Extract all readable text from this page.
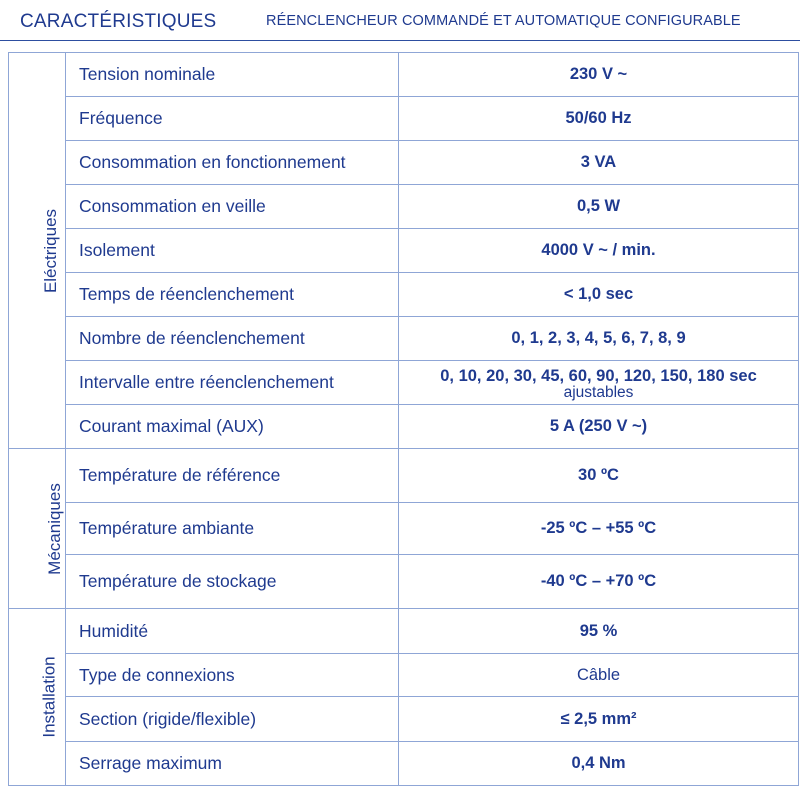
CARACTÉRISTIQUES	RÉENCLENCHEUR COMMANDÉ ET AUTOMATIQUE CONFIGURABLE
Eléctriques	Tension nominale	230 V ~
	Fréquence	50/60 Hz
	Consommation en fonctionnement	3 VA
	Consommation en veille	0,5 W
	Isolement	4000 V ~ / min.
	Temps de réenclenchement	< 1,0 sec
	Nombre de réenclenchement	0, 1, 2, 3, 4, 5, 6, 7, 8, 9
	Intervalle entre réenclenchement	0, 10, 20, 30, 45, 60, 90, 120, 150, 180 sec
ajustables

	Courant maximal (AUX)	5 A (250 V ~)
Mécaniques	Température de référence	30 ºC
	Température ambiante	-25 ºC – +55 ºC
	Température de stockage	-40 ºC – +70 ºC
Installation	Humidité	95 %
	Type de connexions	Câble
	Section (rigide/flexible)	≤ 2,5 mm²
	Serrage maximum	0,4 Nm
